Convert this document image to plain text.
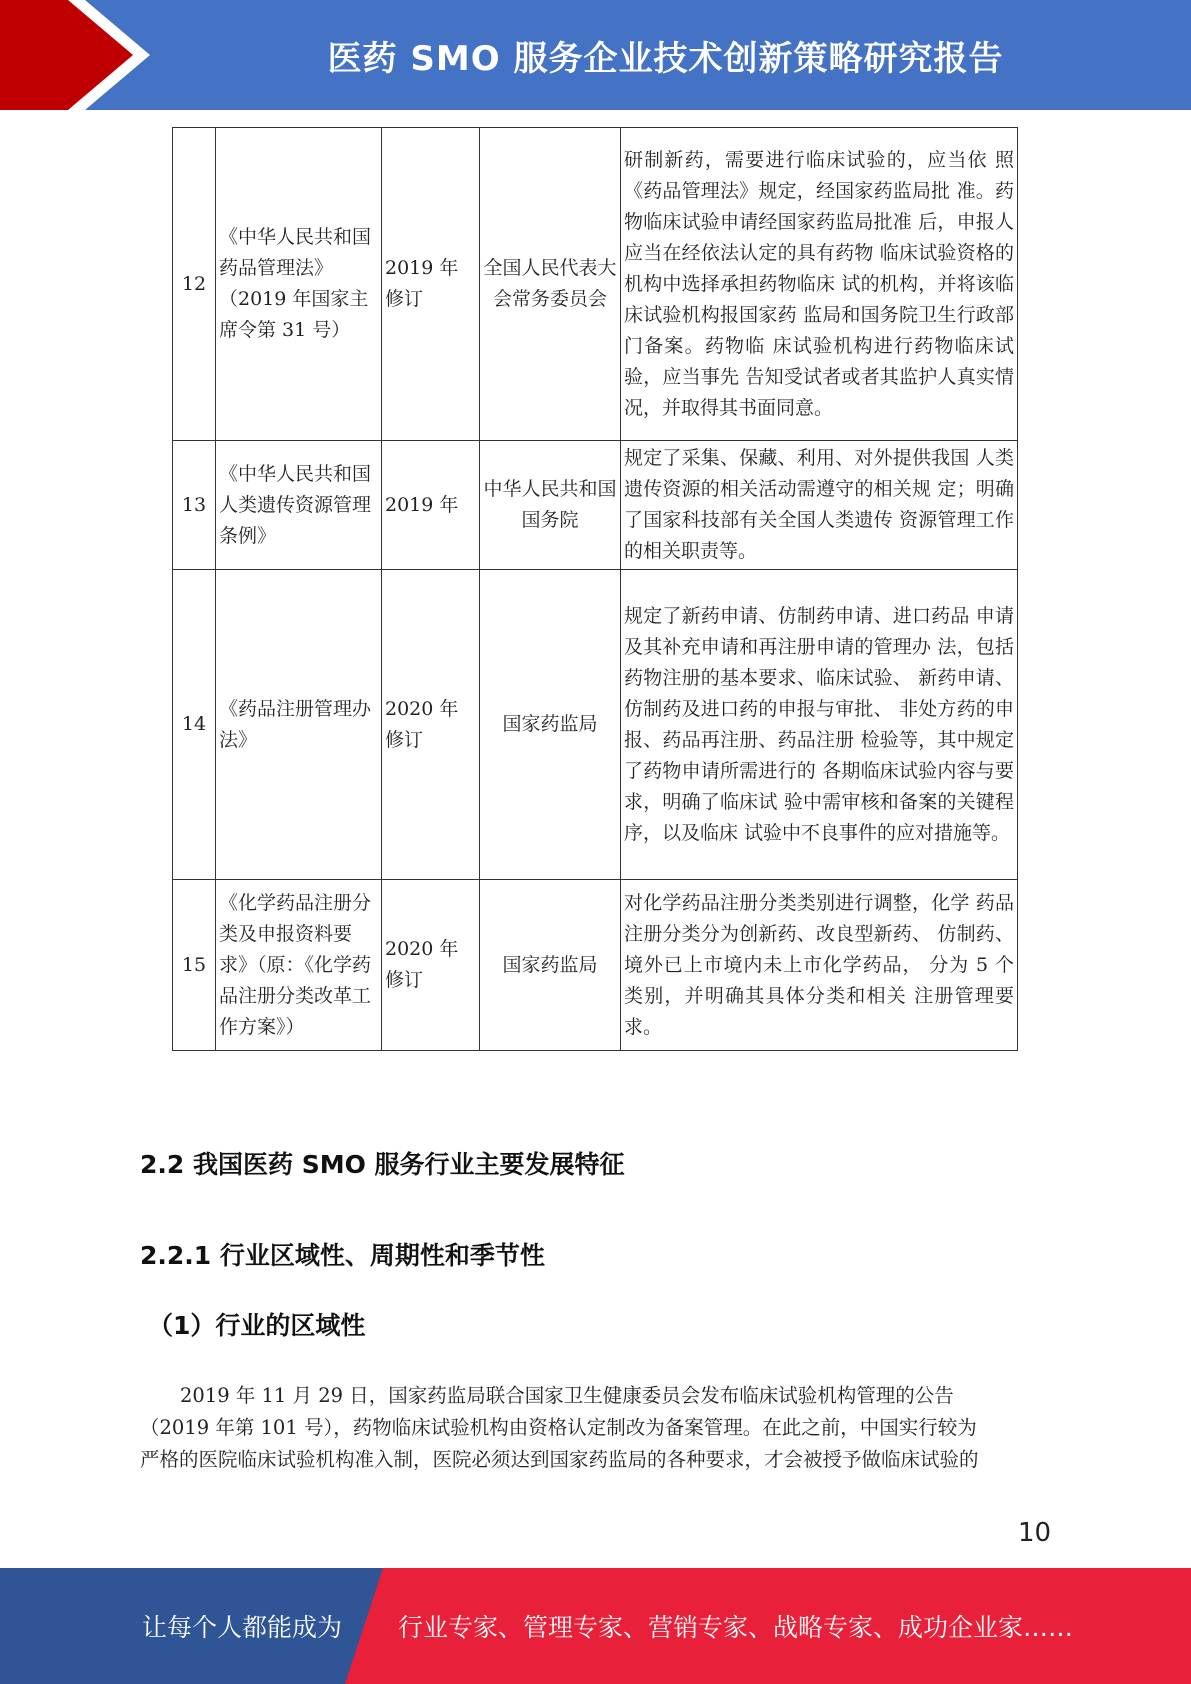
医药 SMO 服务企业技术创新策略研究报告
12	《中华人民共和国药品管理法》（2019 年国家主席令第 31 号）	2019 年修订	全国人民代表大会常务委员会	研制新药，需要进行临床试验的，应当依 照《药品管理法》规定，经国家药监局批 准。药物临床试验申请经国家药监局批准 后，申报人应当在经依法认定的具有药物 临床试验资格的机构中选择承担药物临床 试的机构，并将该临床试验机构报国家药 监局和国务院卫生行政部门备案。药物临 床试验机构进行药物临床试验，应当事先 告知受试者或者其监护人真实情况，并取得其书面同意。
13	《中华人民共和国人类遗传资源管理条例》	2019 年	中华人民共和国国务院	规定了采集、保藏、利用、对外提供我国 人类遗传资源的相关活动需遵守的相关规 定；明确了国家科技部有关全国人类遗传 资源管理工作的相关职责等。
14	《药品注册管理办法》	2020 年修订	国家药监局	规定了新药申请、仿制药申请、进口药品 申请及其补充申请和再注册申请的管理办 法，包括药物注册的基本要求、临床试验、 新药申请、仿制药及进口药的申报与审批、 非处方药的申报、药品再注册、药品注册 检验等，其中规定了药物申请所需进行的 各期临床试验内容与要求，明确了临床试 验中需审核和备案的关键程序，以及临床 试验中不良事件的应对措施等。
15	《化学药品注册分类及申报资料要求》（原：《化学药品注册分类改革工作方案》）	2020 年修订	国家药监局	对化学药品注册分类类别进行调整，化学 药品注册分类分为创新药、改良型新药、 仿制药、境外已上市境内未上市化学药品， 分为 5 个类别，并明确其具体分类和相关 注册管理要求。
2.2 我国医药 SMO 服务行业主要发展特征
2.2.1 行业区域性、周期性和季节性
（1）行业的区域性
2019 年 11 月 29 日，国家药监局联合国家卫生健康委员会发布临床试验机构管理的公告
（2019 年第 101 号），药物临床试验机构由资格认定制改为备案管理。在此之前，中国实行较为
严格的医院临床试验机构准入制，医院必须达到国家药监局的各种要求，才会被授予做临床试验的
10
让每个人都能成为 行业专家、管理专家、营销专家、战略专家、成功企业家……
